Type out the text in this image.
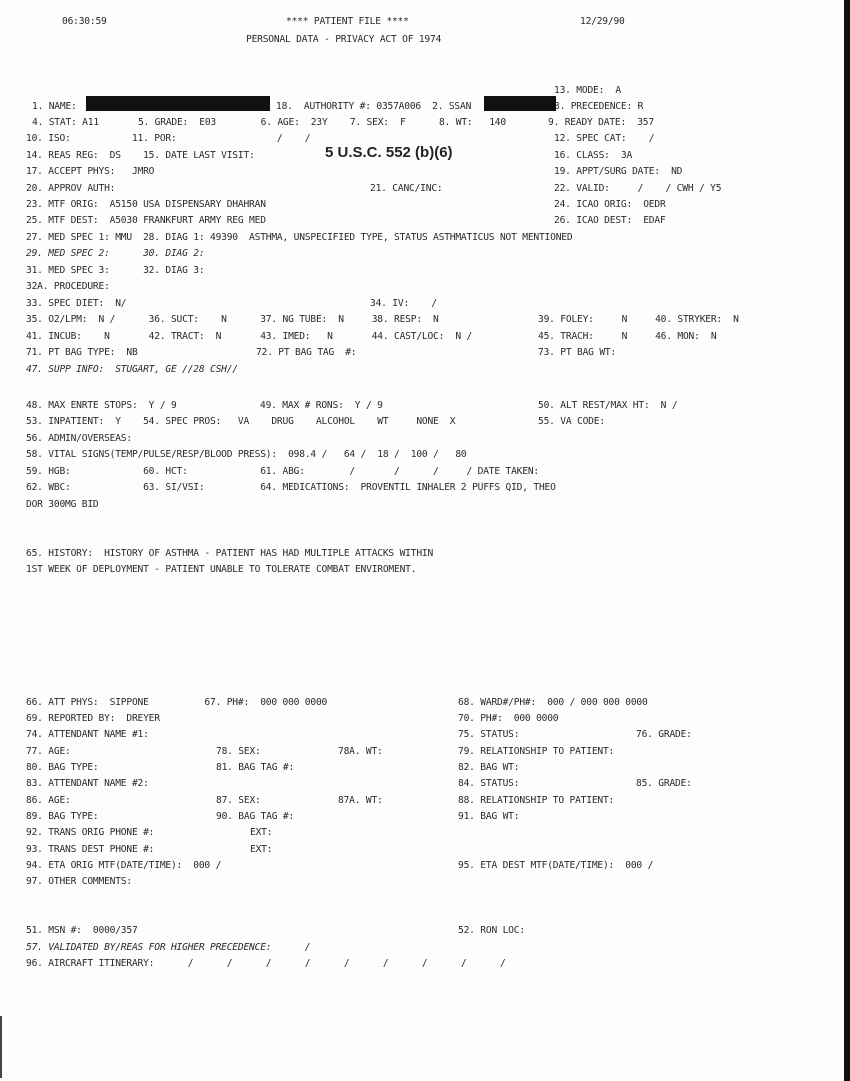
06:30:59	**** PATIENT FILE ****	12/29/90
PERSONAL DATA - PRIVACY ACT OF 1974
13. MODE:  A
1. NAME:	18.  AUTHORITY #: 0357A006  2. SSAN	3. PRECEDENCE: R
4. STAT: A11       5. GRADE:  E03        6. AGE:  23Y    7. SEX:  F      8. WT:   140	9. READY DATE:  357
10. ISO:           11. POR:                  /    /	12. SPEC CAT:    /
14. REAS REG:  DS    15. DATE LAST VISIT:	5 U.S.C. 552 (b)(6)	16. CLASS:  3A
17. ACCEPT PHYS:   JMRO	19. APPT/SURG DATE:  ND
20. APPROV AUTH:	21. CANC/INC:	22. VALID:     /    / CWH / Y5
23. MTF ORIG:  A5150 USA DISPENSARY DHAHRAN	24. ICAO ORIG:  OEDR
25. MTF DEST:  A5030 FRANKFURT ARMY REG MED	26. ICAO DEST:  EDAF
27. MED SPEC 1: MMU  28. DIAG 1: 49390  ASTHMA, UNSPECIFIED TYPE, STATUS ASTHMATICUS NOT MENTIONED
29. MED SPEC 2:      30. DIAG 2:
31. MED SPEC 3:      32. DIAG 3:
32A. PROCEDURE:
33. SPEC DIET:  N/	34. IV:    /
35. O2/LPM:  N /      36. SUCT:    N      37. NG TUBE:  N     38. RESP:  N	39. FOLEY:     N     40. STRYKER:  N
41. INCUB:    N       42. TRACT:  N       43. IMED:   N       44. CAST/LOC:  N /	45. TRACH:     N     46. MON:  N
71. PT BAG TYPE:  NB	72. PT BAG TAG  #:	73. PT BAG WT:
47. SUPP INFO:  STUGART, GE //28 CSH//
48. MAX ENRTE STOPS:  Y / 9	49. MAX # RONS:  Y / 9	50. ALT REST/MAX HT:  N /
53. INPATIENT:  Y    54. SPEC PROS:   VA    DRUG    ALCOHOL    WT     NONE  X	55. VA CODE:
56. ADMIN/OVERSEAS:
58. VITAL SIGNS(TEMP/PULSE/RESP/BLOOD PRESS):  098.4 /   64 /  18 /  100 /   80
59. HGB:             60. HCT:             61. ABG:        /       /      /     / DATE TAKEN:
62. WBC:             63. SI/VSI:          64. MEDICATIONS:  PROVENTIL INHALER 2 PUFFS QID, THEO
DOR 300MG BID
65. HISTORY:  HISTORY OF ASTHMA - PATIENT HAS HAD MULTIPLE ATTACKS WITHIN
1ST WEEK OF DEPLOYMENT - PATIENT UNABLE TO TOLERATE COMBAT ENVIROMENT.
66. ATT PHYS:  SIPPONE          67. PH#:  000 000 0000	68. WARD#/PH#:  000 / 000 000 0000
69. REPORTED BY:  DREYER	70. PH#:  000 0000
74. ATTENDANT NAME #1:	75. STATUS:	76. GRADE:
77. AGE:	78. SEX:	78A. WT:	79. RELATIONSHIP TO PATIENT:
80. BAG TYPE:	81. BAG TAG #:	82. BAG WT:
83. ATTENDANT NAME #2:	84. STATUS:	85. GRADE:
86. AGE:	87. SEX:	87A. WT:	88. RELATIONSHIP TO PATIENT:
89. BAG TYPE:	90. BAG TAG #:	91. BAG WT:
92. TRANS ORIG PHONE #:	EXT:
93. TRANS DEST PHONE #:	EXT:
94. ETA ORIG MTF(DATE/TIME):  000 /	95. ETA DEST MTF(DATE/TIME):  000 /
97. OTHER COMMENTS:
51. MSN #:  0000/357	52. RON LOC:
57. VALIDATED BY/REAS FOR HIGHER PRECEDENCE:      /
96. AIRCRAFT ITINERARY:      /      /      /      /      /      /      /      /      /
